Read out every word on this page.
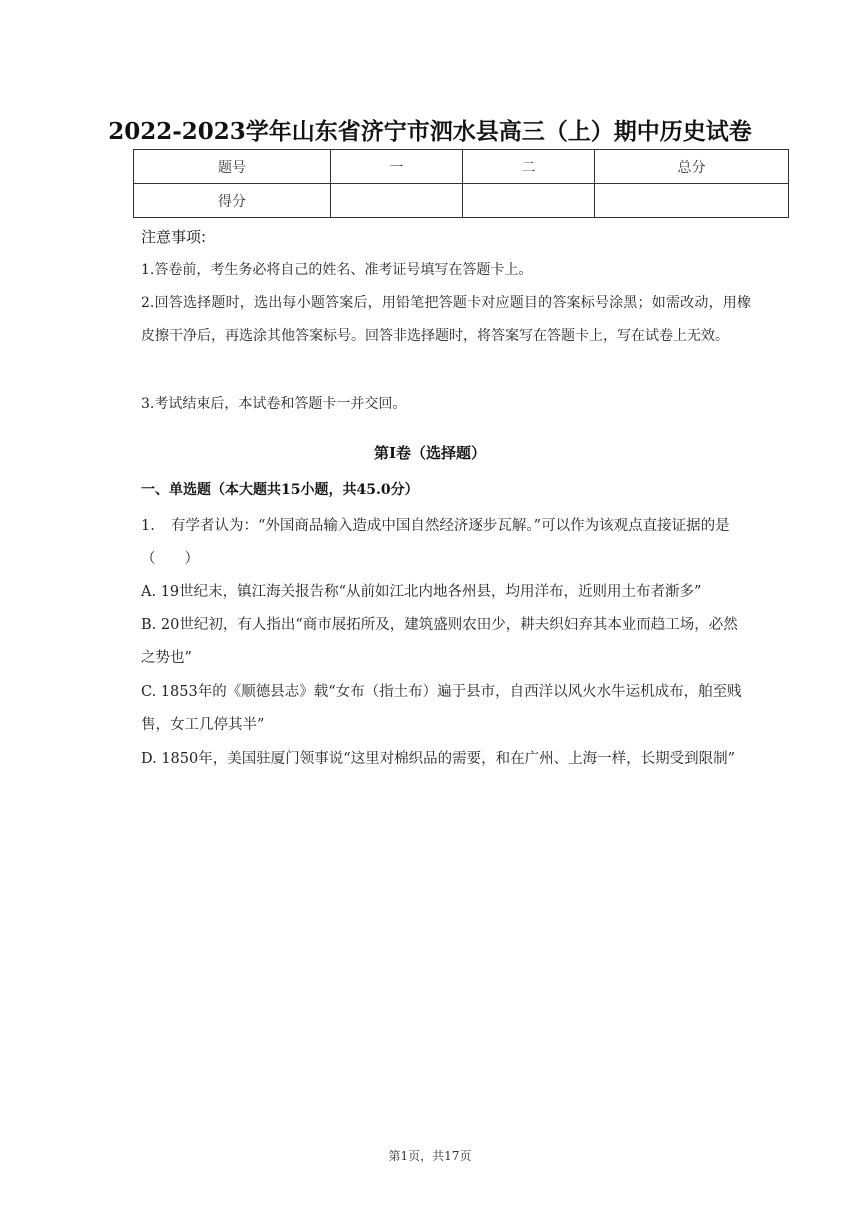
2022-2023学年山东省济宁市泗水县高三（上）期中历史试卷
题号	一	二	总分
得分			
注意事项:
1.答卷前，考生务必将自己的姓名、准考证号填写在答题卡上。
2.回答选择题时，选出每小题答案后，用铅笔把答题卡对应题目的答案标号涂黑；如需改动，用橡皮擦干净后，再选涂其他答案标号。回答非选择题时，将答案写在答题卡上，写在试卷上无效。
3.考试结束后，本试卷和答题卡一并交回。
第I卷（选择题）
一、单选题（本大题共15小题，共45.0分）
1. 有学者认为：“外国商品输入造成中国自然经济逐步瓦解。”可以作为该观点直接证据的是（　　）
A. 19世纪末，镇江海关报告称“从前如江北内地各州县，均用洋布，近则用土布者渐多”
B. 20世纪初，有人指出“商市展拓所及，建筑盛则农田少，耕夫织妇弃其本业而趋工场，必然之势也”
C. 1853年的《顺德县志》载“女布（指土布）遍于县市，自西洋以风火水牛运机成布，舶至贱售，女工几停其半”
D. 1850年，美国驻厦门领事说“这里对棉织品的需要，和在广州、上海一样，长期受到限制”
第1页，共17页
